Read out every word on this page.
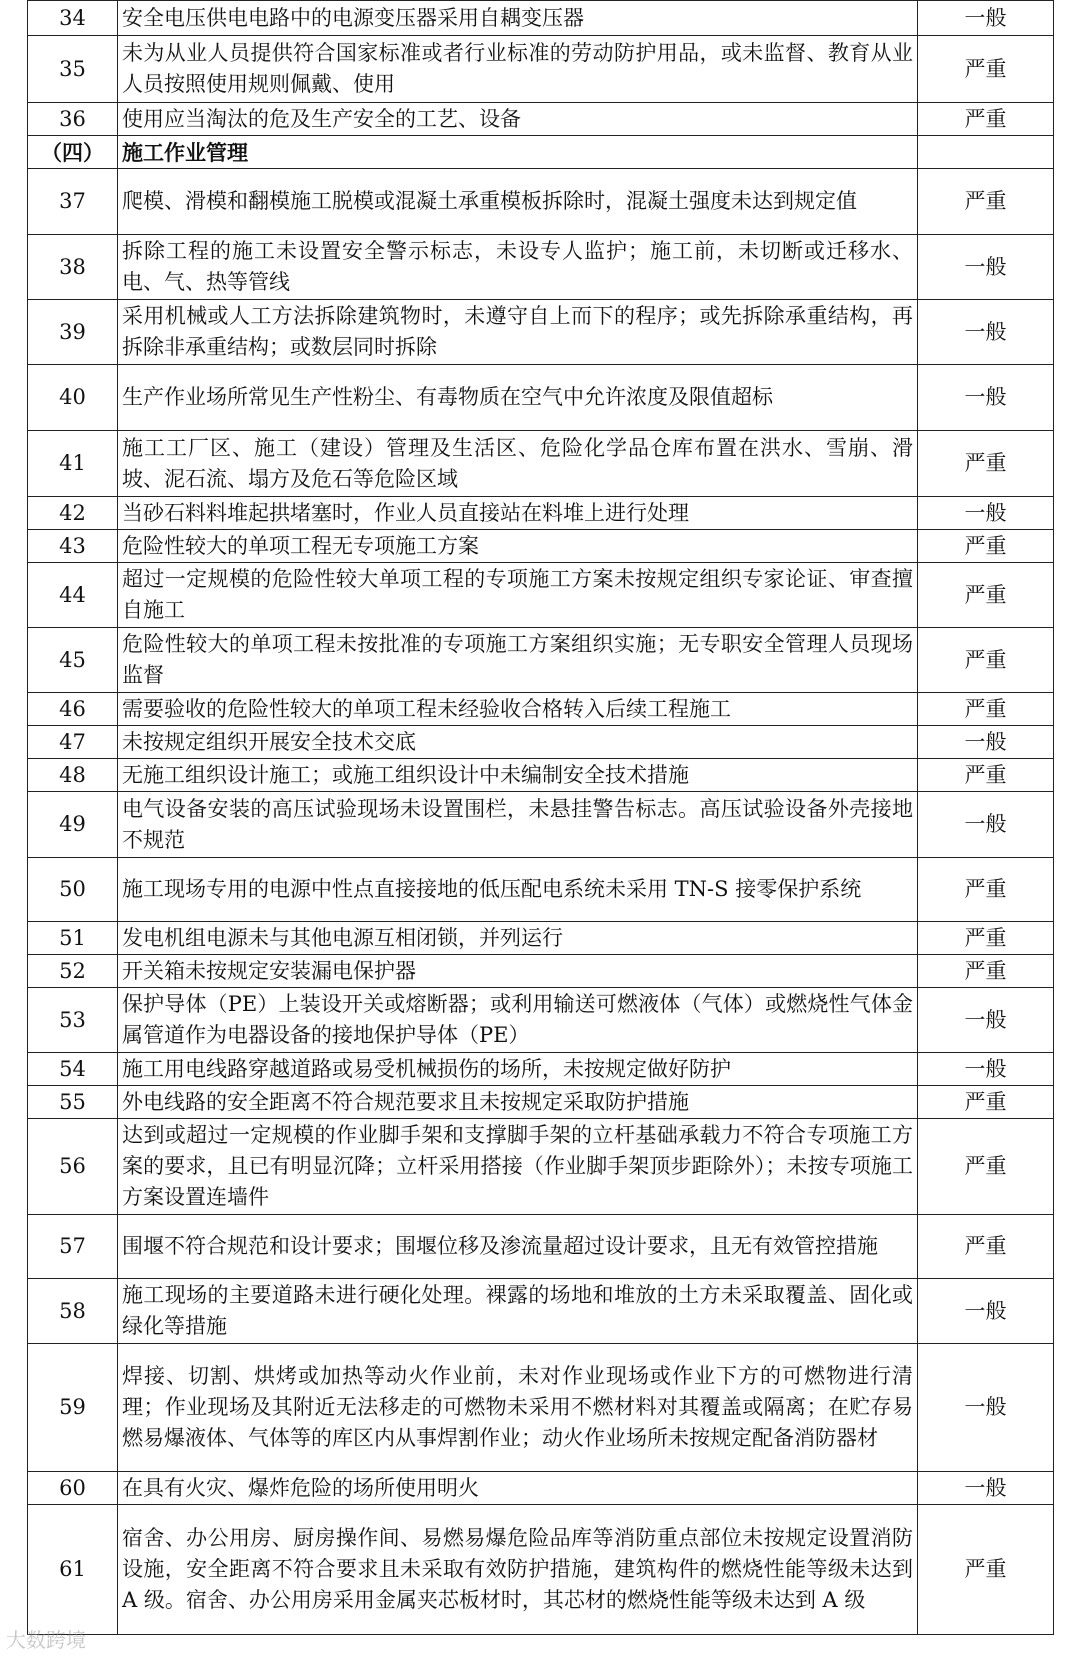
34	安全电压供电电路中的电源变压器采用自耦变压器	一般
35	未为从业人员提供符合国家标准或者行业标准的劳动防护用品，或未监督、教育从业人员按照使用规则佩戴、使用	严重
36	使用应当淘汰的危及生产安全的工艺、设备	严重
（四）	施工作业管理	
37	爬模、滑模和翻模施工脱模或混凝土承重模板拆除时，混凝土强度未达到规定值	严重
38	拆除工程的施工未设置安全警示标志，未设专人监护；施工前，未切断或迁移水、电、气、热等管线	一般
39	采用机械或人工方法拆除建筑物时，未遵守自上而下的程序；或先拆除承重结构，再拆除非承重结构；或数层同时拆除	一般
40	生产作业场所常见生产性粉尘、有毒物质在空气中允许浓度及限值超标	一般
41	施工工厂区、施工（建设）管理及生活区、危险化学品仓库布置在洪水、雪崩、滑坡、泥石流、塌方及危石等危险区域	严重
42	当砂石料料堆起拱堵塞时，作业人员直接站在料堆上进行处理	一般
43	危险性较大的单项工程无专项施工方案	严重
44	超过一定规模的危险性较大单项工程的专项施工方案未按规定组织专家论证、审查擅自施工	严重
45	危险性较大的单项工程未按批准的专项施工方案组织实施；无专职安全管理人员现场监督	严重
46	需要验收的危险性较大的单项工程未经验收合格转入后续工程施工	严重
47	未按规定组织开展安全技术交底	一般
48	无施工组织设计施工；或施工组织设计中未编制安全技术措施	严重
49	电气设备安装的高压试验现场未设置围栏，未悬挂警告标志。高压试验设备外壳接地不规范	一般
50	施工现场专用的电源中性点直接接地的低压配电系统未采用 TN-S 接零保护系统	严重
51	发电机组电源未与其他电源互相闭锁，并列运行	严重
52	开关箱未按规定安装漏电保护器	严重
53	保护导体（PE）上装设开关或熔断器；或利用输送可燃液体（气体）或燃烧性气体金属管道作为电器设备的接地保护导体（PE）	一般
54	施工用电线路穿越道路或易受机械损伤的场所，未按规定做好防护	一般
55	外电线路的安全距离不符合规范要求且未按规定采取防护措施	严重
56	达到或超过一定规模的作业脚手架和支撑脚手架的立杆基础承载力不符合专项施工方案的要求，且已有明显沉降；立杆采用搭接（作业脚手架顶步距除外）；未按专项施工方案设置连墙件	严重
57	围堰不符合规范和设计要求；围堰位移及渗流量超过设计要求，且无有效管控措施	严重
58	施工现场的主要道路未进行硬化处理。裸露的场地和堆放的土方未采取覆盖、固化或绿化等措施	一般
59	焊接、切割、烘烤或加热等动火作业前，未对作业现场或作业下方的可燃物进行清理；作业现场及其附近无法移走的可燃物未采用不燃材料对其覆盖或隔离；在贮存易燃易爆液体、气体等的库区内从事焊割作业；动火作业场所未按规定配备消防器材	一般
60	在具有火灾、爆炸危险的场所使用明火	一般
61	宿舍、办公用房、厨房操作间、易燃易爆危险品库等消防重点部位未按规定设置消防设施，安全距离不符合要求且未采取有效防护措施，建筑构件的燃烧性能等级未达到 A 级。宿舍、办公用房采用金属夹芯板材时，其芯材的燃烧性能等级未达到 A 级	严重
大数跨境
